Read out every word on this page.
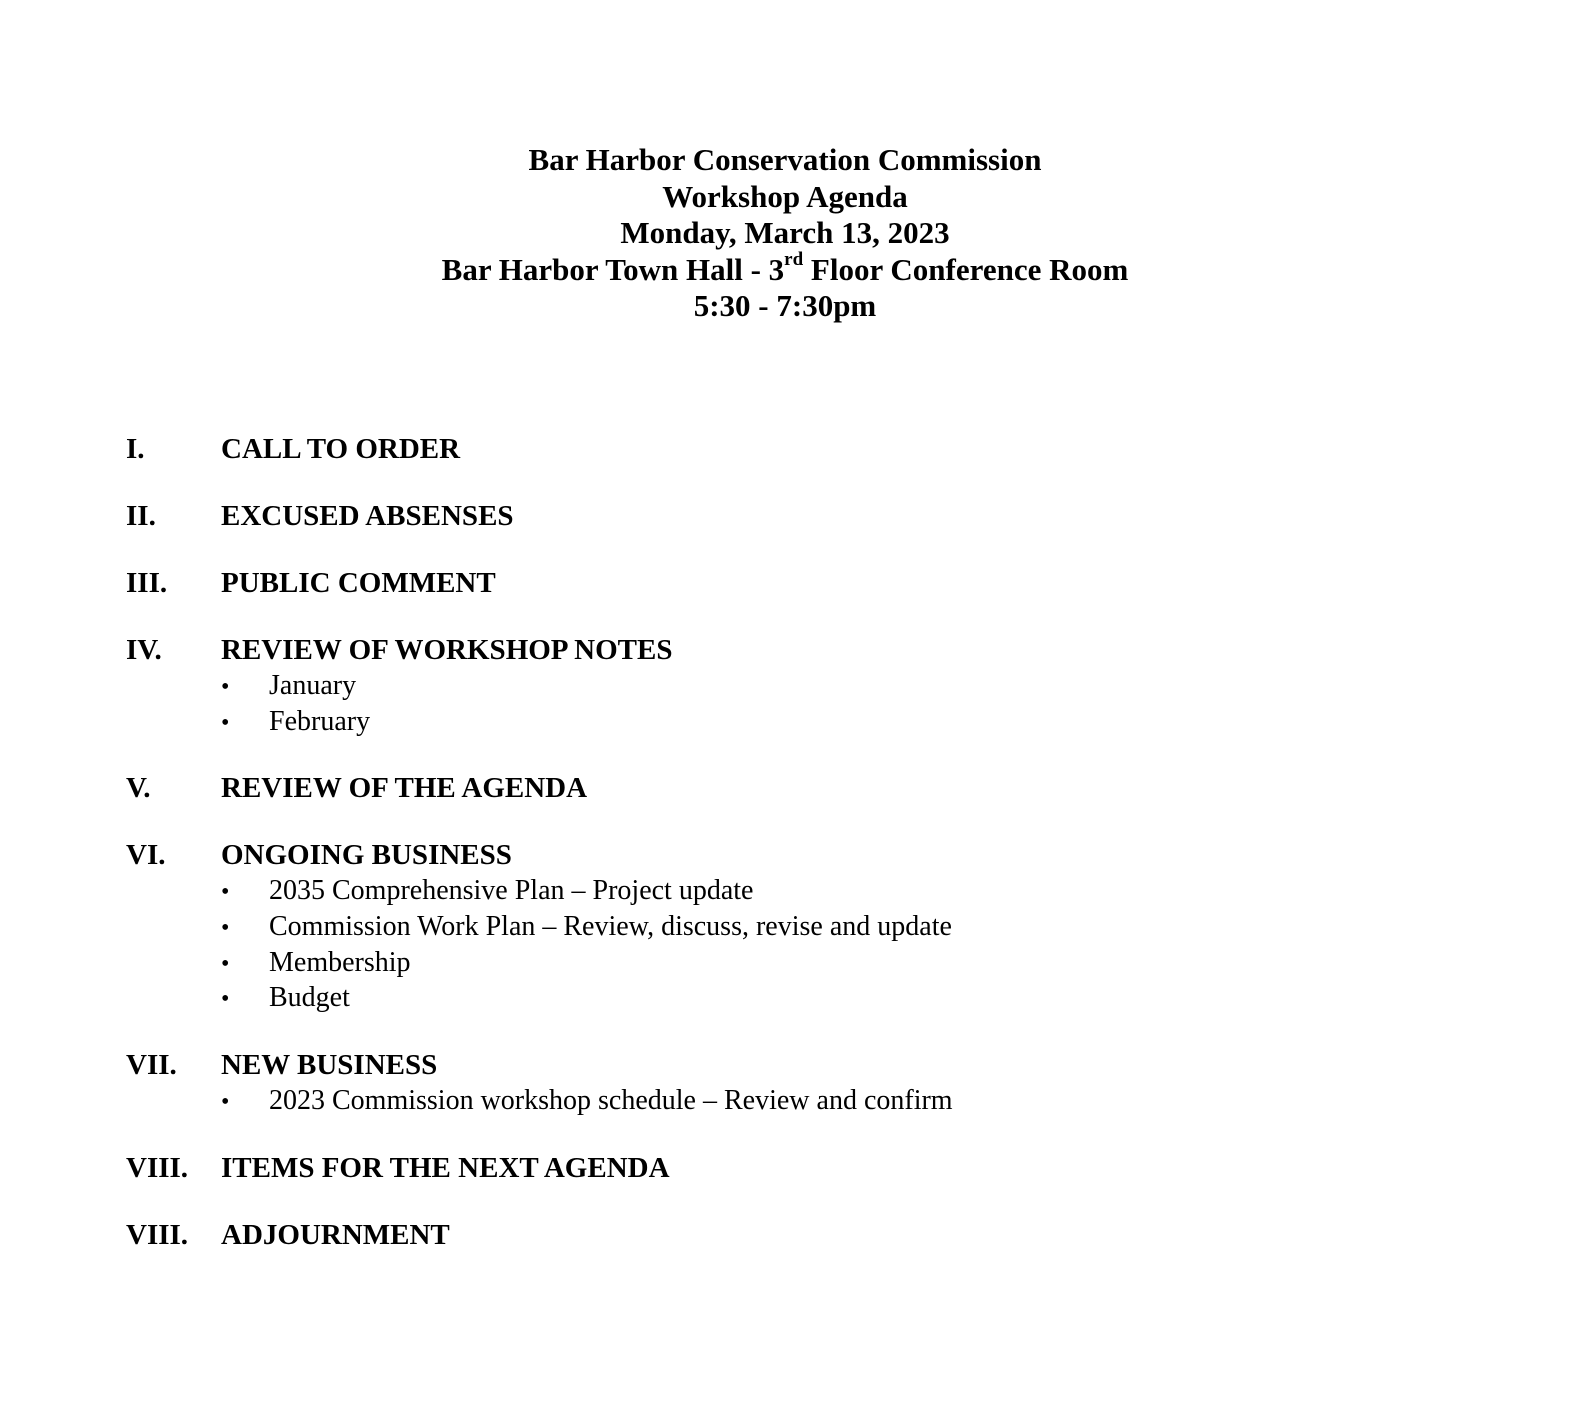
Bar Harbor Conservation Commission
Workshop Agenda
Monday, March 13, 2023
Bar Harbor Town Hall - 3rd Floor Conference Room
5:30 - 7:30pm
I.	CALL TO ORDER
II.	EXCUSED ABSENSES
III.	PUBLIC COMMENT
IV.	REVIEW OF WORKSHOP NOTES
•	January
•	February
V.	REVIEW OF THE AGENDA
VI.	ONGOING BUSINESS
•	2035 Comprehensive Plan – Project update
•	Commission Work Plan – Review, discuss, revise and update
•	Membership
•	Budget
VII.	NEW BUSINESS
•	2023 Commission workshop schedule – Review and confirm
VIII.	ITEMS FOR THE NEXT AGENDA
VIII.	ADJOURNMENT
